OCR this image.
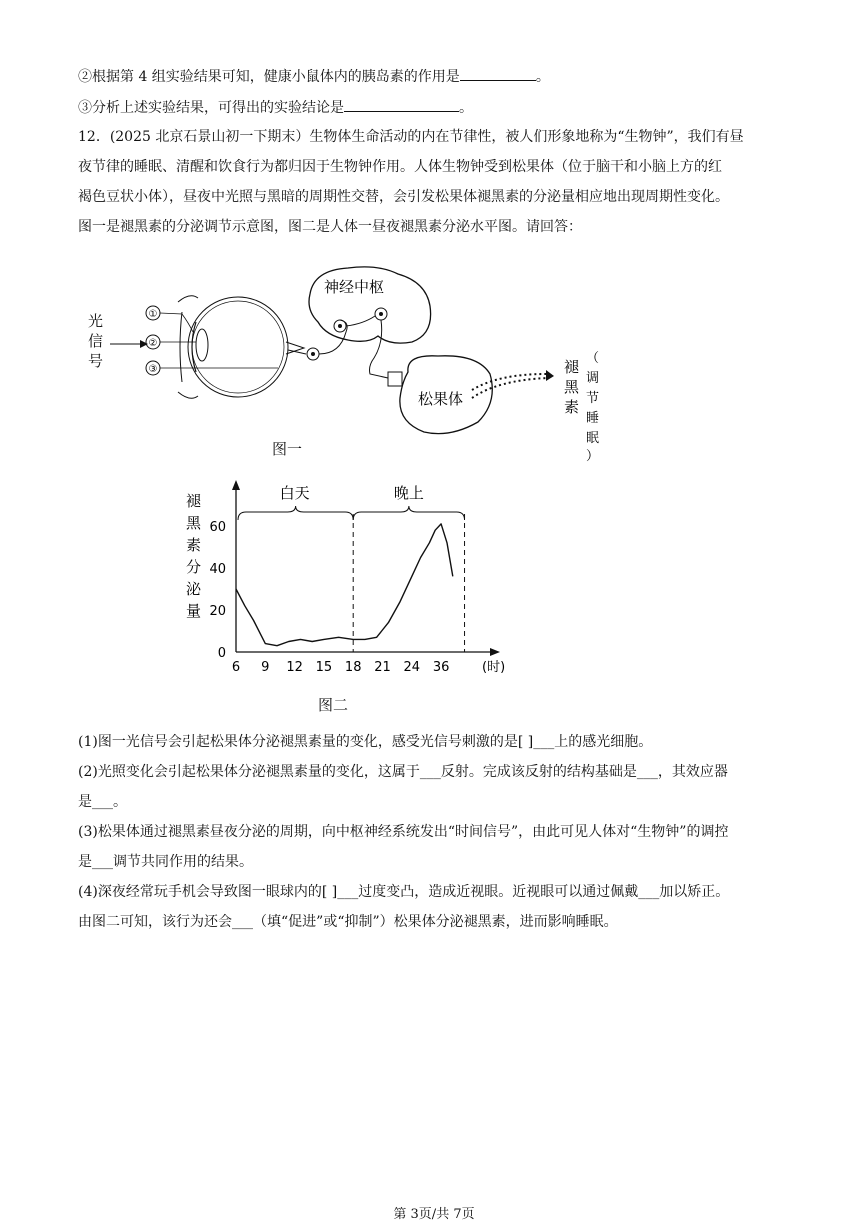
②根据第 4 组实验结果可知，健康小鼠体内的胰岛素的作用是	。
③分析上述实验结果，可得出的实验结论是	。
12．(2025 北京石景山初一下期末）生物体生命活动的内在节律性，被人们形象地称为“生物钟”，我们有昼
夜节律的睡眠、清醒和饮食行为都归因于生物钟作用。人体生物钟受到松果体（位于脑干和小脑上方的红
褐色豆状小体），昼夜中光照与黑暗的周期性交替，会引发松果体褪黑素的分泌量相应地出现周期性变化。
图一是褪黑素的分泌调节示意图，图二是人体一昼夜褪黑素分泌水平图。请回答：
光 信 号
①
②
③
神经中枢
松果体
褪 黑 素
（ 调 节 睡 眠 ）
图一
0
20
40
60
6 9 12 15 18 21 24 36	(时)
褪
黑
素
分
泌
量
白天	晚上
图二
(1)图一光信号会引起松果体分泌褪黑素量的变化，感受光信号刺激的是[ ]___上的感光细胞。
(2)光照变化会引起松果体分泌褪黑素量的变化，这属于___反射。完成该反射的结构基础是___，其效应器
是___。
(3)松果体通过褪黑素昼夜分泌的周期，向中枢神经系统发出“时间信号”，由此可见人体对“生物钟”的调控
是___调节共同作用的结果。
(4)深夜经常玩手机会导致图一眼球内的[ ]___过度变凸，造成近视眼。近视眼可以通过佩戴___加以矫正。
由图二可知，该行为还会___（填“促进”或“抑制”）松果体分泌褪黑素，进而影响睡眠。
第 3页/共 7页
